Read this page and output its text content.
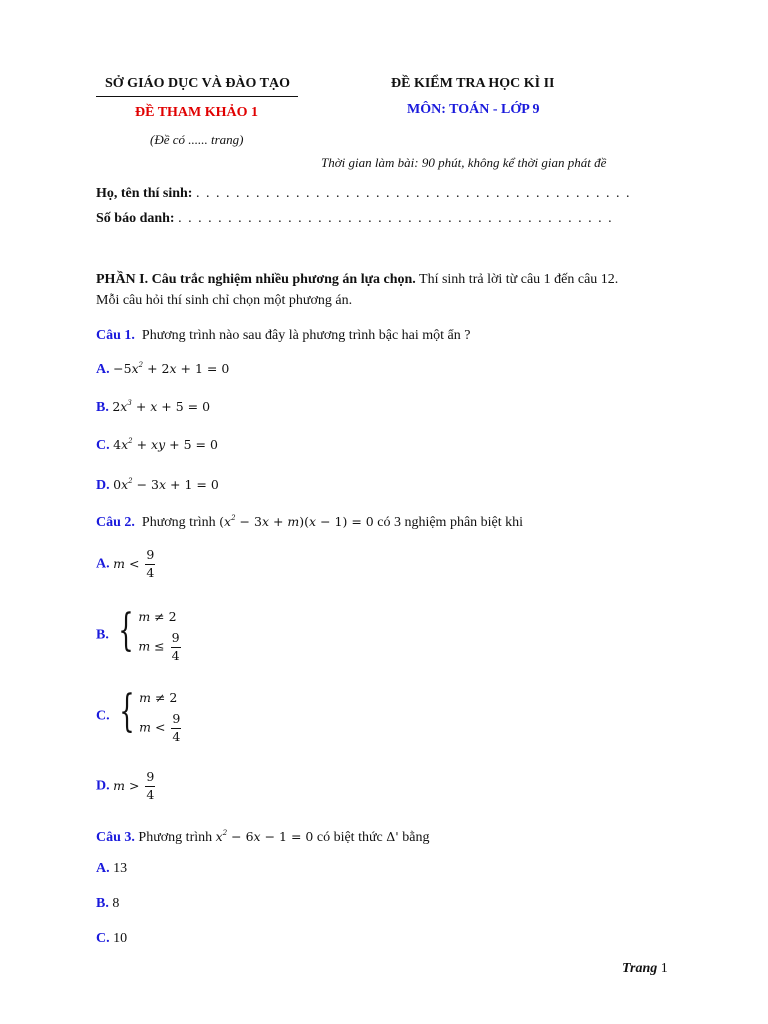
SỞ GIÁO DỤC VÀ ĐÀO TẠO	ĐỀ KIỂM TRA HỌC KÌ II
ĐỀ THAM KHẢO 1	MÔN: TOÁN - LỚP 9
(Đề có ...... trang)
Thời gian làm bài: 90 phút, không kể thời gian phát đề
Họ, tên thí sinh: . . . . . . . . . . . . . . . . . . . . . . . . . . . . . . . . . . . . . . . . . . . .
Số báo danh: . . . . . . . . . . . . . . . . . . . . . . . . . . . . . . . . . . . . . . . . . . . .
PHẦN I. Câu trắc nghiệm nhiều phương án lựa chọn. Thí sinh trả lời từ câu 1 đến câu 12.
Mỗi câu hỏi thí sinh chỉ chọn một phương án.
Câu 1. Phương trình nào sau đây là phương trình bậc hai một ẩn ?
A. $-5x^2 + 2x + 1 = 0$
B. $2x^3 + x + 5 = 0$
C. $4x^2$ + xy + 5 = 0
D. $0x^2 - 3x + 1 = 0$
Câu 2. Phương trình $(x^2 - 3x + m)(x - 1) = 0$ có 3 nghiệm phân biệt khi
A. $m < \frac{9}{4}$
B. { m ≠ 2
$m \le \frac{9}{4}$
C. { m ≠ 2
$m < \frac{9}{4}$
D. $m > \frac{9}{4}$
Câu 3. Phương trình $x^2 - 6x - 1 = 0$ có biệt thức Δ' bằng
A. 13
B. 8
C. 10
Trang 1
